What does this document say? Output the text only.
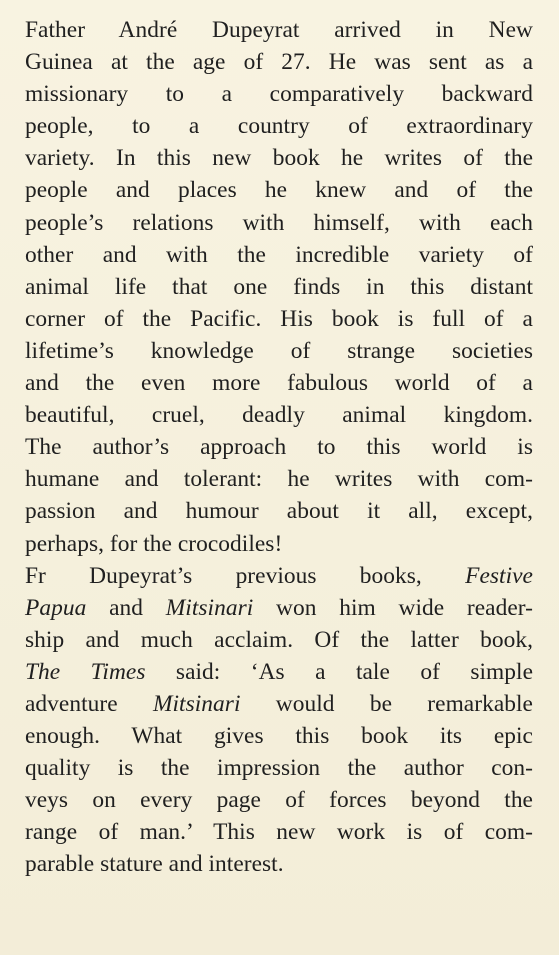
Father André Dupeyrat arrived in New
Guinea at the age of 27. He was sent as a
missionary to a comparatively backward
people, to a country of extraordinary
variety. In this new book he writes of the
people and places he knew and of the
people’s relations with himself, with each
other and with the incredible variety of
animal life that one finds in this distant
corner of the Pacific. His book is full of a
lifetime’s knowledge of strange societies
and the even more fabulous world of a
beautiful, cruel, deadly animal kingdom.
The author’s approach to this world is
humane and tolerant: he writes with com-
passion and humour about it all, except,
perhaps, for the crocodiles!
Fr Dupeyrat’s previous books, Festive
Papua and Mitsinari won him wide reader-
ship and much acclaim. Of the latter book,
The Times said: ‘As a tale of simple
adventure Mitsinari would be remarkable
enough. What gives this book its epic
quality is the impression the author con-
veys on every page of forces beyond the
range of man.’ This new work is of com-
parable stature and interest.
